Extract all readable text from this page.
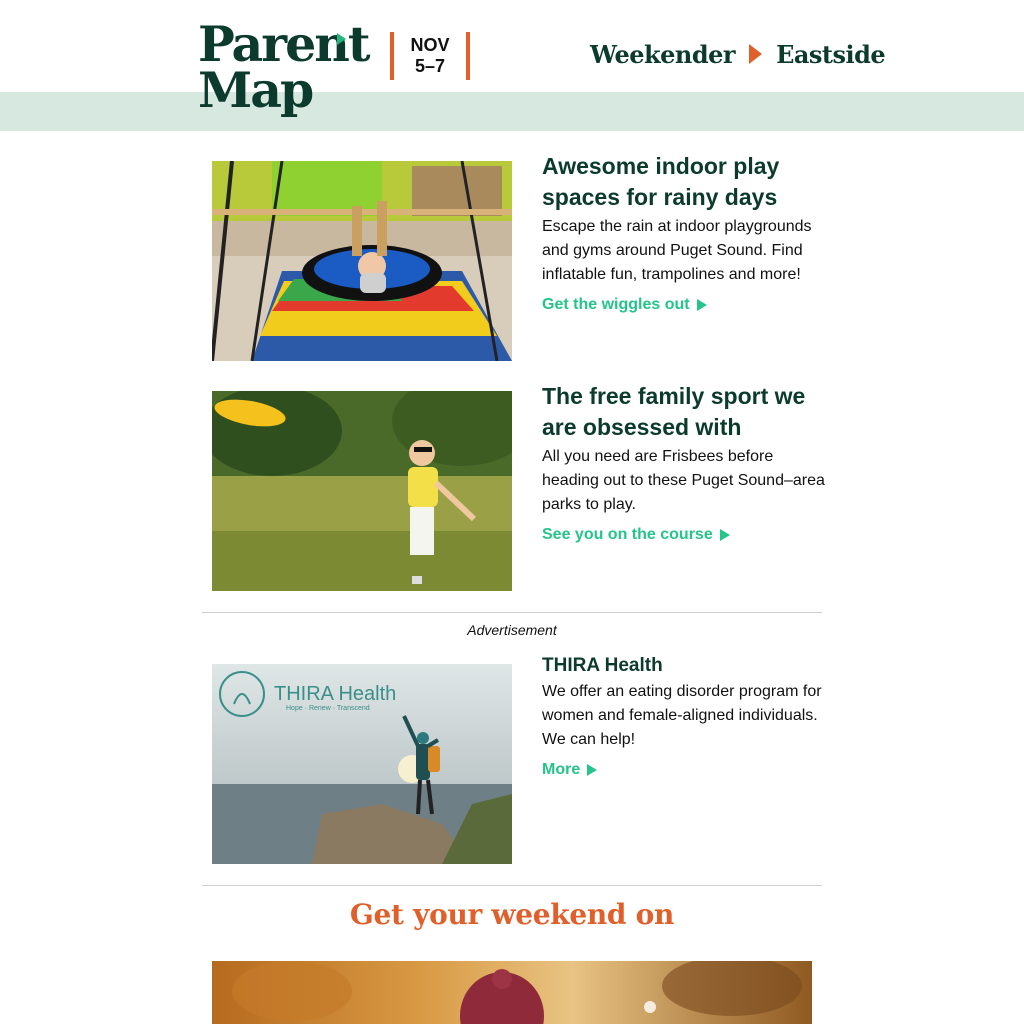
Parent
Map
NOV
5–7	Weekender Eastside
Awesome indoor play spaces for rainy days
Escape the rain at indoor playgrounds and gyms around Puget Sound. Find inflatable fun, trampolines and more!
Get the wiggles out
The free family sport we are obsessed with
All you need are Frisbees before heading out to these Puget Sound–area parks to play.
See you on the course
Advertisement
THIRA Health
Hope · Renew · Transcend
THIRA Health
We offer an eating disorder program for women and female-aligned individuals. We can help!
More
Get your weekend on
